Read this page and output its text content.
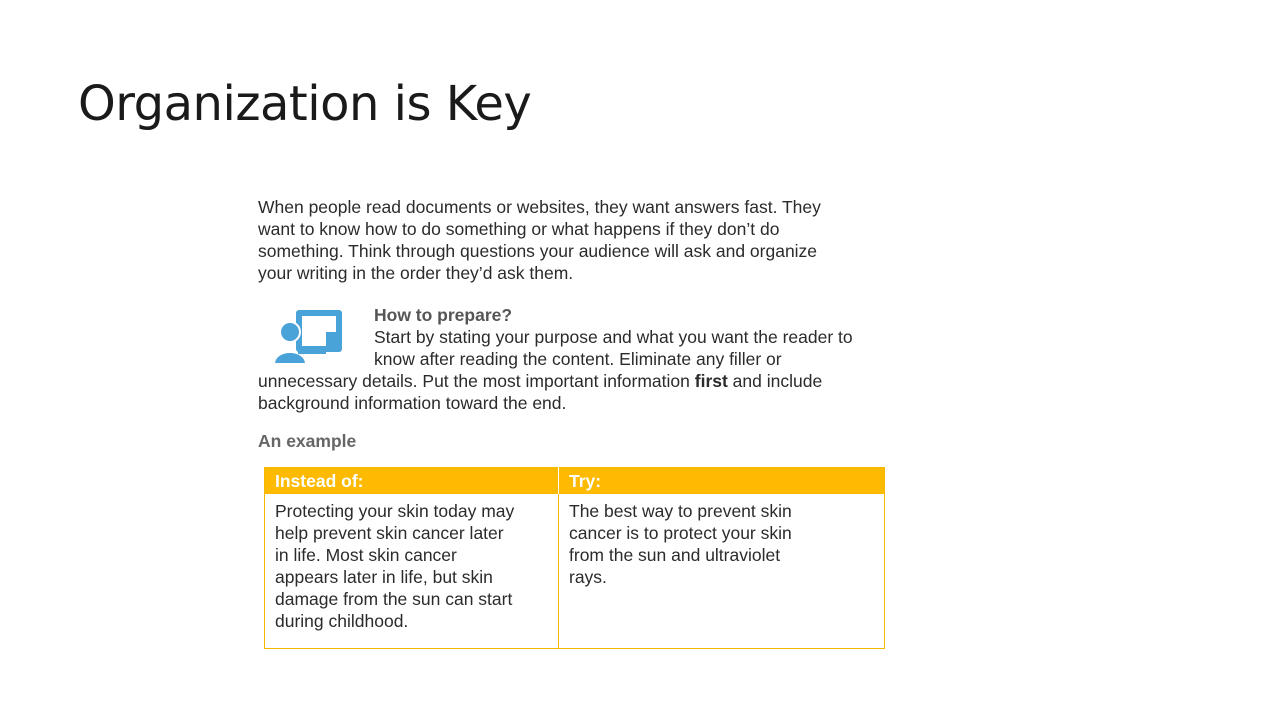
Organization is Key

When people read documents or websites, they want answers fast. They want to know how to do something or what happens if they don’t do something. Think through questions your audience will ask and organize your writing in the order they’d ask them.

How to prepare?

Start by stating your purpose and what you want the reader to know after reading the content. Eliminate any filler or unnecessary details. Put the most important information first and include background information toward the end.

An example
Instead of:	Try:

Protecting your skin today may help prevent skin cancer later in life. Most skin cancer appears later in life, but skin damage from the sun can start during childhood.	The best way to prevent skin cancer is to protect your skin from the sun and ultraviolet rays.
